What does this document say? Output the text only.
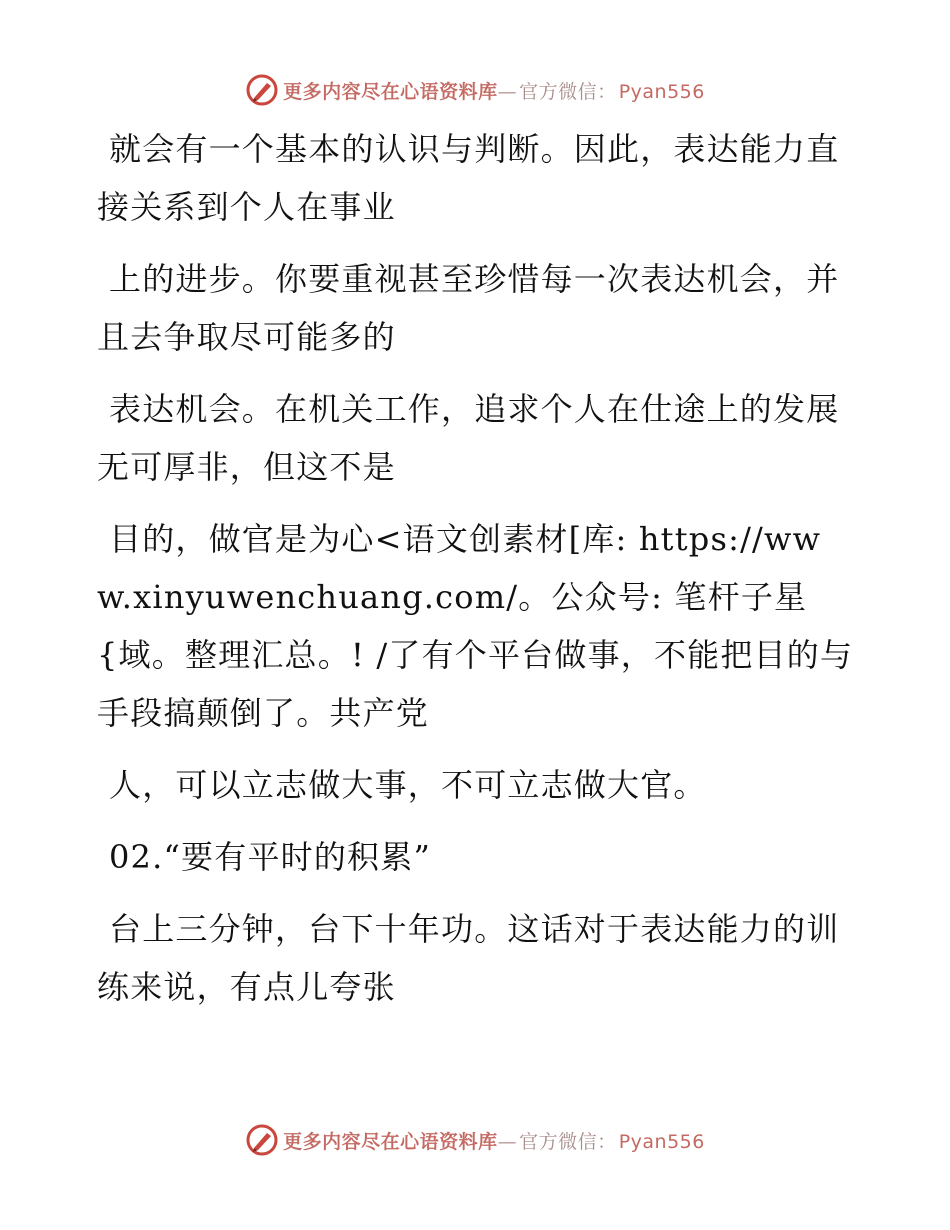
更多内容尽在心语资料库— 官方微信： Pyan556

就会有一个基本的认识与判断。因此，表达能力直接关系到个人在事业

上的进步。你要重视甚至珍惜每一次表达机会，并且去争取尽可能多的

表达机会。在机关工作，追求个人在仕途上的发展无可厚非，但这不是

目的，做官是为心<语文创素材[库: https://www.xinyuwenchuang.com/。公众号: 笔杆子星{域。整理汇总。! /了有个平台做事，不能把目的与手段搞颠倒了。共产党

人，可以立志做大事，不可立志做大官。

02.“要有平时的积累”

台上三分钟，台下十年功。这话对于表达能力的训练来说，有点儿夸张

更多内容尽在心语资料库— 官方微信： Pyan556
